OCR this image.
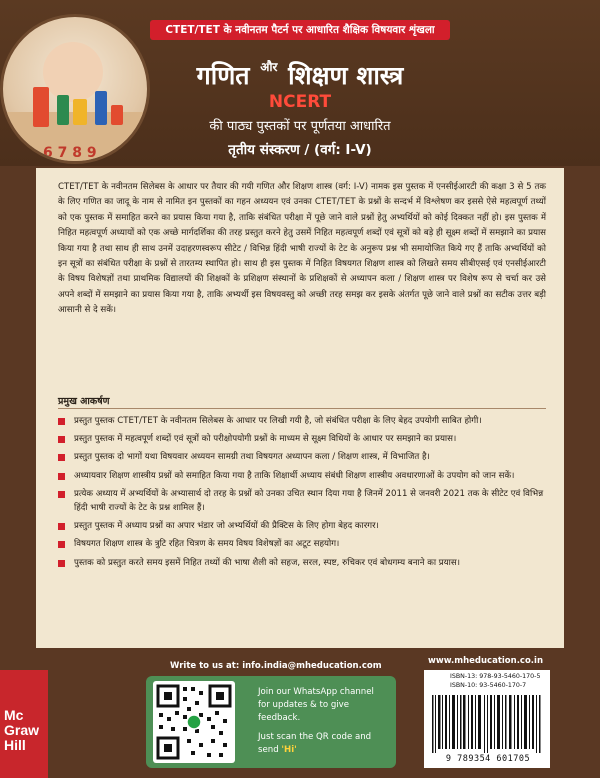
6 7 8 9
CTET/TET के नवीनतम पैटर्न पर आधारित शैक्षिक विषयवार शृंखला
गणित $^{और}$ शिक्षण शास्त्र
NCERT
की पाठ्य पुस्तकों पर पूर्णतया आधारित
तृतीय संस्करण / (वर्ग: I-V)

CTET/TET के नवीनतम सिलेबस के आधार पर तैयार की गयी गणित और शिक्षण शास्त्र (वर्ग: I-V) नामक इस पुस्तक में एनसीईआरटी की कक्षा 3 से 5 तक के लिए गणित का जादू के नाम से नामित इन पुस्तकों का गहन अध्ययन एवं उनका CTET/TET के प्रश्नों के सन्दर्भ में विश्लेषण कर इससे ऐसे महत्वपूर्ण तथ्यों को एक पुस्तक में समाहित करने का प्रयास किया गया है, ताकि संबंधित परीक्षा में पूछे जाने वाले प्रश्नों हेतु अभ्यर्थियों को कोई दिक्कत नहीं हो। इस पुस्तक में निहित महत्वपूर्ण अध्यायों को एक अच्छे मार्गदर्शिका की तरह प्रस्तुत करने हेतु उसमें निहित महत्वपूर्ण शब्दों एवं सूत्रों को बड़े ही सूक्ष्म शब्दों में समझाने का प्रयास किया गया है तथा साथ ही साथ उनमें उदाहरणस्वरूप सीटेट / विभिन्न हिंदी भाषी राज्यों के टेट के अनुरूप प्रश्न भी समायोजित किये गए हैं ताकि अभ्यर्थियों को इन सूत्रों का संबंधित परीक्षा के प्रश्नों से तारतम्य स्थापित हो। साथ ही इस पुस्तक में निहित विषयगत शिक्षण शास्त्र को लिखते समय सीबीएसई एवं एनसीईआरटी के विषय विशेषज्ञों तथा प्राथमिक विद्यालयों की शिक्षकों के प्रशिक्षण संस्थानों के प्रशिक्षकों से अध्यापन कला / शिक्षण शास्त्र पर विशेष रूप से चर्चा कर उसे अपने शब्दों में समझाने का प्रयास किया गया है, ताकि अभ्यर्थी इस विषयवस्तु को अच्छी तरह समझ कर इसके अंतर्गत पूछे जाने वाले प्रश्नों का सटीक उत्तर बड़ी आसानी से दे सकें।

प्रमुख आकर्षण
प्रस्तुत पुस्तक CTET/TET के नवीनतम सिलेबस के आधार पर लिखी गयी है, जो संबंधित परीक्षा के लिए बेहद उपयोगी साबित होगी।
प्रस्तुत पुस्तक में महत्वपूर्ण शब्दों एवं सूत्रों को परीक्षोपयोगी प्रश्नों के माध्यम से सूक्ष्म विधियों के आधार पर समझाने का प्रयास।
प्रस्तुत पुस्तक दो भागों यथा विषयवार अध्ययन सामग्री तथा विषयगत अध्यापन कला / शिक्षण शास्त्र, में विभाजित है।
अध्यायवार शिक्षण शास्त्रीय प्रश्नों को समाहित किया गया है ताकि शिक्षार्थी अध्याय संबंधी शिक्षण शास्त्रीय अवधारणाओं के उपयोग को जान सकें।
प्रत्येक अध्याय में अभ्यर्थियों के अभ्यासार्थ दो तरह के प्रश्नों को उनका उचित स्थान दिया गया है जिनमें 2011 से जनवरी 2021 तक के सीटेट एवं विभिन्न हिंदी भाषी राज्यों के टेट के प्रश्न शामिल हैं।
प्रस्तुत पुस्तक में अध्याय प्रश्नों का अपार भंडार जो अभ्यर्थियों की प्रैक्टिस के लिए होगा बेहद कारगर।
विषयगत शिक्षण शास्त्र के त्रुटि रहित चित्रण के समय विषय विशेषज्ञों का अटूट सहयोग।
पुस्तक को प्रस्तुत करते समय इसमें निहित तथ्यों की भाषा शैली को सहज, सरल, स्पष्ट, रुचिकर एवं बोधगम्य बनाने का प्रयास।
Mc
Graw
Hill
Write to us at: info.india@mheducation.com
Join our WhatsApp channel for updates & to give feedback.
Just scan the QR code and send 'Hi'
www.mheducation.co.in
ISBN-13: 978-93-5460-170-5
ISBN-10: 93-5460-170-7
9 789354 601705
